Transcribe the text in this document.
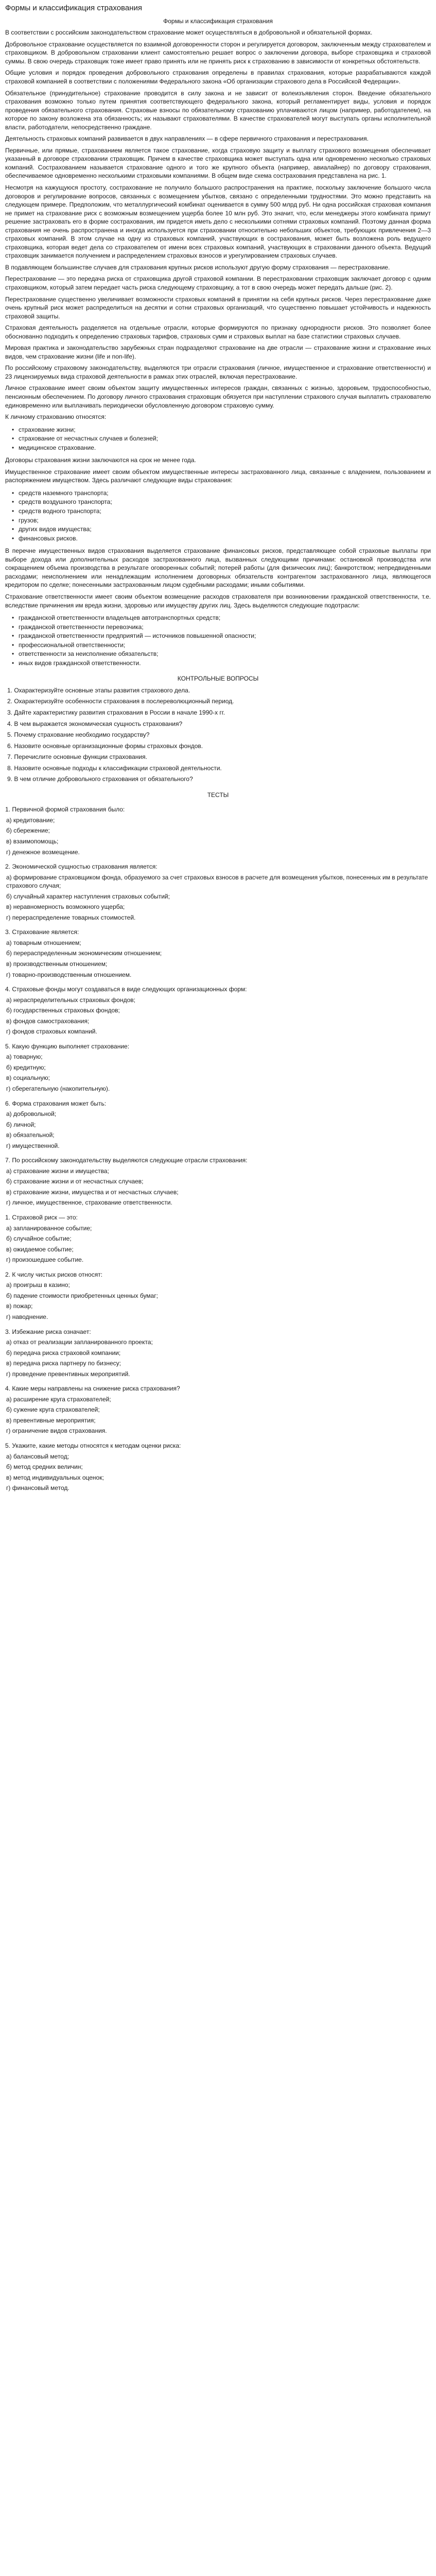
Формы и классификация страхования
Формы и классификация страхования

В соответствии с российским законодательством страхование может осуществляться в добровольной и обязательной формах.

Добровольное страхование осуществляется по взаимной договоренности сторон и регулируется договором, заключенным между страхователем и страховщиком. В добровольном страховании клиент самостоятельно решает вопрос о заключении договора, выборе страховщика и страховой суммы. В свою очередь страховщик тоже имеет право принять или не принять риск к страхованию в зависимости от конкретных обстоятельств.

Общие условия и порядок проведения добровольного страхования определены в правилах страхования, которые разрабатываются каждой страховой компанией в соответствии с положениями Федерального закона «Об организации страхового дела в Российской Федерации».

Обязательное (принудительное) страхование проводится в силу закона и не зависит от волеизъявления сторон. Введение обязательного страхования возможно только путем принятия соответствующего федерального закона, который регламентирует виды, условия и порядок проведения обязательного страхования. Страховые взносы по обязательному страхованию уплачиваются лицом (например, работодателем), на которое по закону возложена эта обязанность; их называют страхователями. В качестве страхователей могут выступать органы исполнительной власти, работодатели, непосредственно граждане.

Деятельность страховых компаний развивается в двух направлениях — в сфере первичного страхования и перестрахования.

Первичные, или прямые, страхованием является такое страхование, когда страховую защиту и выплату страхового возмещения обеспечивает указанный в договоре страховании страховщик. Причем в качестве страховщика может выступать одна или одновременно несколько страховых компаний. Сострахованием называется страхование одного и того же крупного объекта (например, авиалайнер) по договору страхования, обеспечиваемое одновременно несколькими страховыми компаниями. В общем виде схема сострахования представлена на рис. 1.

Несмотря на кажущуюся простоту, сострахование не получило большого распространения на практике, поскольку заключение большого числа договоров и регулирование вопросов, связанных с возмещением убытков, связано с определенными трудностями. Это можно представить на следующем примере. Предположим, что металлургический комбинат оценивается в сумму 500 млрд руб. Ни одна российская страховая компания не примет на страхование риск с возможным возмещением ущерба более 10 млн руб. Это значит, что, если менеджеры этого комбината примут решение застраховать его в форме сострахования, им придется иметь дело с несколькими сотнями страховых компаний. Поэтому данная форма страхования не очень распространена и иногда используется при страховании относительно небольших объектов, требующих привлечения 2—3 страховых компаний. В этом случае на одну из страховых компаний, участвующих в сострахования, может быть возложена роль ведущего страховщика, которая ведет дела со страхователем от имени всех страховых компаний, участвующих в страховании данного объекта. Ведущий страховщик занимается получением и распределением страховых взносов и урегулированием страховых случаев.

В подавляющем большинстве случаев для страхования крупных рисков используют другую форму страхования — перестрахование.

Перестрахование — это передача риска от страховщика другой страховой компании. В перестраховании страховщик заключает договор с одним страховщиком, который затем передает часть риска следующему страховщику, а тот в свою очередь может передать дальше (рис. 2).

Перестрахование существенно увеличивает возможности страховых компаний в принятии на себя крупных рисков. Через перестрахование даже очень крупный риск может распределиться на десятки и сотни страховых организаций, что существенно повышает устойчивость и надежность страховой защиты.

Страховая деятельность разделяется на отдельные отрасли, которые формируются по признаку однородности рисков. Это позволяет более обоснованно подходить к определению страховых тарифов, страховых сумм и страховых выплат на базе статистики страховых случаев.

Мировая практика и законодательство зарубежных стран подразделяют страхование на две отрасли — страхование жизни и страхование иных видов, чем страхование жизни (life и non-life).

По российскому страховому законодательству, выделяются три отрасли страхования (личное, имущественное и страхование ответственности) и 23 лицензируемых вида страховой деятельности в рамках этих отраслей, включая перестрахование.

Личное страхование имеет своим объектом защиту имущественных интересов граждан, связанных с жизнью, здоровьем, трудоспособностью, пенсионным обеспечением. По договору личного страхования страховщик обязуется при наступлении страхового случая выплатить страхователю единовременно или выплачивать периодически обусловленную договором страховую сумму.

К личному страхованию относятся:

• страхование жизни;
• страхование от несчастных случаев и болезней;
• медицинское страхование.

Договоры страхования жизни заключаются на срок не менее года.

Имущественное страхование имеет своим объектом имущественные интересы застрахованного лица, связанные с владением, пользованием и распоряжением имуществом. Здесь различают следующие виды страхования:

• средств наземного транспорта;
• средств воздушного транспорта;
• средств водного транспорта;
• грузов;
• других видов имущества;
• финансовых рисков.

В перечне имущественных видов страхования выделяется страхование финансовых рисков, представляющее собой страховые выплаты при выборе дохода или дополнительных расходов застрахованного лица, вызванных следующими причинами: остановкой производства или сокращением объема производства в результате оговоренных событий; потерей работы (для физических лиц); банкротством; непредвиденными расходами; неисполнением или ненадлежащим исполнением договорных обязательств контрагентом застрахованного лица, являющегося кредитором по сделке; понесенными застрахованным лицом судебными расходами; иными событиями.

Страхование ответственности имеет своим объектом возмещение расходов страхователя при возникновении гражданской ответственности, т.е. вследствие причинения им вреда жизни, здоровью или имуществу других лиц. Здесь выделяются следующие подотрасли:

• гражданской ответственности владельцев автотранспортных средств;
• гражданской ответственности перевозчика;
• гражданской ответственности предприятий — источников повышенной опасности;
• профессиональной ответственности;
• ответственности за неисполнение обязательств;
• иных видов гражданской ответственности.
КОНТРОЛЬНЫЕ ВОПРОСЫ
1. Охарактеризуйте основные этапы развития страхового дела.
2. Охарактеризуйте особенности страхования в послереволюционный период.
3. Дайте характеристику развития страхования в России в начале 1990-х гг.
4. В чем выражается экономическая сущность страхования?
5. Почему страхование необходимо государству?
6. Назовите основные организационные формы страховых фондов.
7. Перечислите основные функции страхования.
8. Назовите основные подходы к классификации страховой деятельности.
9. В чем отличие добровольного страхования от обязательного?
ТЕСТЫ
1. Первичной формой страхования было:
а) кредитование;
б) сбережение;
в) взаимопомощь;
г) денежное возмещение.
2. Экономической сущностью страхования является:
а) формирование страховщиком фонда, образуемого за счет страховых взносов в расчете для возмещения убытков, понесенных им в результате страхового случая;
б) случайный характер наступления страховых событий;
в) неравномерность возможного ущерба;
г) перераспределение товарных стоимостей.
3. Страхование является:
а) товарным отношением;
б) перераспределенным экономическим отношением;
в) производственным отношением;
г) товарно-производственным отношением.
4. Страховые фонды могут создаваться в виде следующих организационных форм:
а) нераспределительных страховых фондов;
б) государственных страховых фондов;
в) фондов самострахования;
г) фондов страховых компаний.
5. Какую функцию выполняет страхование:
а) товарную;
б) кредитную;
в) социальную;
г) сберегательную (накопительную).
6. Форма страхования может быть:
а) добровольной;
б) личной;
в) обязательной;
г) имущественной.
7. По российскому законодательству выделяются следующие отрасли страхования:
а) страхование жизни и имущества;
б) страхование жизни и от несчастных случаев;
в) страхование жизни, имущества и от несчастных случаев;
г) личное, имущественное, страхование ответственности.
1. Страховой риск — это:
а) запланированное событие;
б) случайное событие;
в) ожидаемое событие;
г) произошедшее событие.
2. К числу чистых рисков относят:
а) проигрыш в казино;
б) падение стоимости приобретенных ценных бумаг;
в) пожар;
г) наводнение.
3. Избежание риска означает:
а) отказ от реализации запланированного проекта;
б) передача риска страховой компании;
в) передача риска партнеру по бизнесу;
г) проведение превентивных мероприятий.
4. Какие меры направлены на снижение риска страхования?
а) расширение круга страхователей;
б) сужение круга страхователей;
в) превентивные мероприятия;
г) ограничение видов страхования.
5. Укажите, какие методы относятся к методам оценки риска:
а) балансовый метод;
б) метод средних величин;
в) метод индивидуальных оценок;
г) финансовый метод.
